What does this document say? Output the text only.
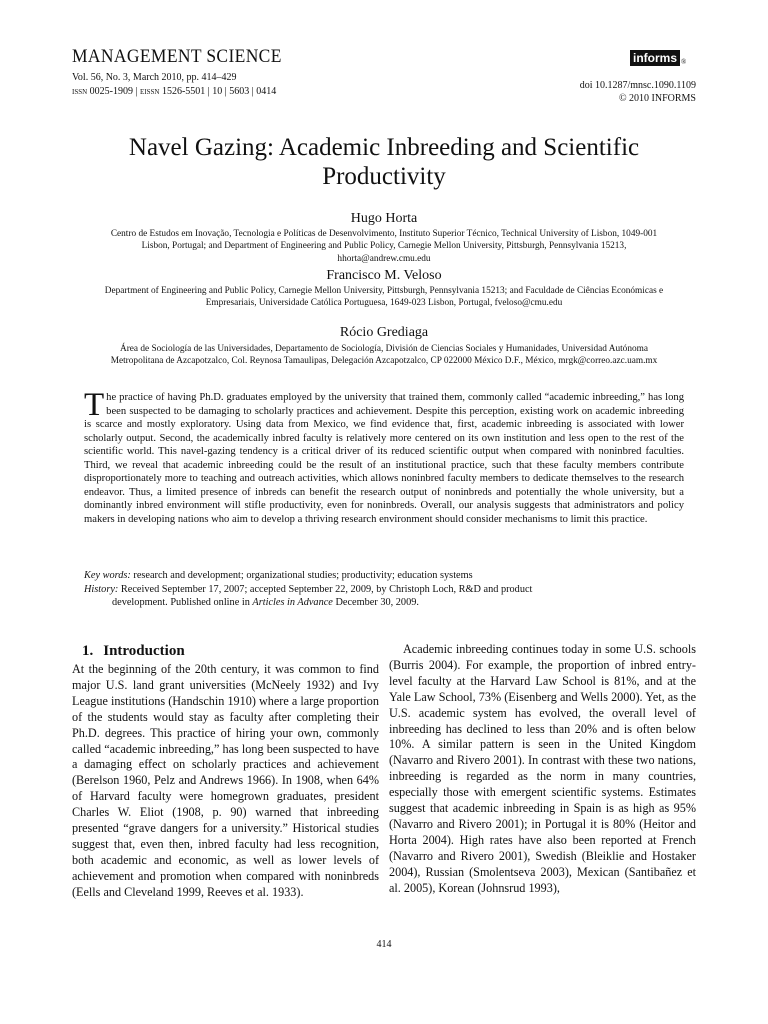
MANAGEMENT SCIENCE
Vol. 56, No. 3, March 2010, pp. 414–429
issn 0025-1909 | eissn 1526-5501 | 10 | 5603 | 0414
informs ®
doi 10.1287/mnsc.1090.1109
© 2010 INFORMS
Navel Gazing: Academic Inbreeding and Scientific Productivity
Hugo Horta
Centro de Estudos em Inovação, Tecnologia e Políticas de Desenvolvimento, Instituto Superior Técnico, Technical University of Lisbon, 1049-001 Lisbon, Portugal; and Department of Engineering and Public Policy, Carnegie Mellon University, Pittsburgh, Pennsylvania 15213, hhorta@andrew.cmu.edu
Francisco M. Veloso
Department of Engineering and Public Policy, Carnegie Mellon University, Pittsburgh, Pennsylvania 15213; and Faculdade de Ciências Económicas e Empresariais, Universidade Católica Portuguesa, 1649-023 Lisbon, Portugal, fveloso@cmu.edu
Rócio Grediaga
Área de Sociología de las Universidades, Departamento de Sociología, División de Ciencias Sociales y Humanidades, Universidad Autónoma Metropolitana de Azcapotzalco, Col. Reynosa Tamaulipas, Delegación Azcapotzalco, CP 022000 México D.F., México, mrgk@correo.azc.uam.mx
The practice of having Ph.D. graduates employed by the university that trained them, commonly called “academic inbreeding,” has long been suspected to be damaging to scholarly practices and achievement. Despite this perception, existing work on academic inbreeding is scarce and mostly exploratory. Using data from Mexico, we find evidence that, first, academic inbreeding is associated with lower scholarly output. Second, the academically inbred faculty is relatively more centered on its own institution and less open to the rest of the scientific world. This navel-gazing tendency is a critical driver of its reduced scientific output when compared with noninbred faculties. Third, we reveal that academic inbreeding could be the result of an institutional practice, such that these faculty members contribute disproportionately more to teaching and outreach activities, which allows noninbred faculty members to dedicate themselves to the research endeavor. Thus, a limited presence of inbreds can benefit the research output of noninbreds and potentially the whole university, but a dominantly inbred environment will stifle productivity, even for noninbreds. Overall, our analysis suggests that administrators and policy makers in developing nations who aim to develop a thriving research environment should consider mechanisms to limit this practice.
Key words: research and development; organizational studies; productivity; education systems
History: Received September 17, 2007; accepted September 22, 2009, by Christoph Loch, R&D and product
development. Published online in Articles in Advance December 30, 2009.
1. Introduction

At the beginning of the 20th century, it was common to find major U.S. land grant universities (McNeely 1932) and Ivy League institutions (Handschin 1910) where a large proportion of the students would stay as faculty after completing their Ph.D. degrees. This practice of hiring your own, commonly called “academic inbreeding,” has long been suspected to have a damaging effect on scholarly practices and achievement (Berelson 1960, Pelz and Andrews 1966). In 1908, when 64% of Harvard faculty were homegrown graduates, president Charles W. Eliot (1908, p. 90) warned that inbreeding presented “grave dangers for a university.” Historical studies suggest that, even then, inbred faculty had less recognition, both academic and economic, as well as lower levels of achievement and promotion when compared with noninbreds (Eells and Cleveland 1999, Reeves et al. 1933).

Academic inbreeding continues today in some U.S. schools (Burris 2004). For example, the proportion of inbred entry-level faculty at the Harvard Law School is 81%, and at the Yale Law School, 73% (Eisenberg and Wells 2000). Yet, as the U.S. academic system has evolved, the overall level of inbreeding has declined to less than 20% and is often below 10%. A similar pattern is seen in the United Kingdom (Navarro and Rivero 2001). In contrast with these two nations, inbreeding is regarded as the norm in many countries, especially those with emergent scientific systems. Estimates suggest that academic inbreeding in Spain is as high as 95% (Navarro and Rivero 2001); in Portugal it is 80% (Heitor and Horta 2004). High rates have also been reported at French (Navarro and Rivero 2001), Swedish (Bleiklie and Hostaker 2004), Russian (Smolentseva 2003), Mexican (Santibañez et al. 2005), Korean (Johnsrud 1993),

414
